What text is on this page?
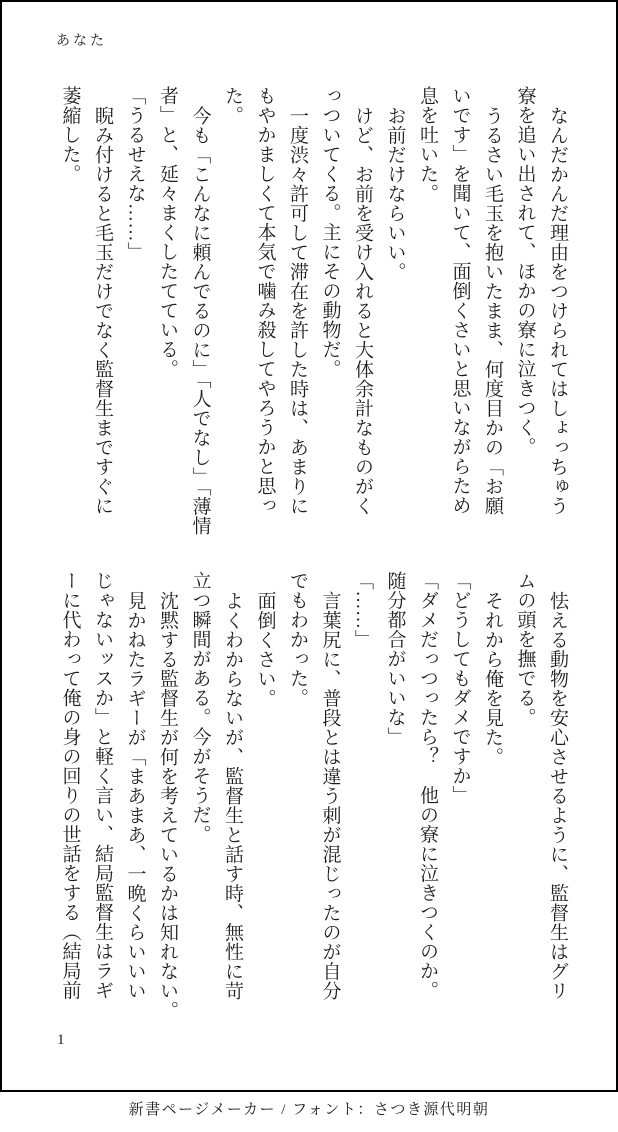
あなた
なんだかんだ理由をつけられてはしょっちゅう
寮を追い出されて、ほかの寮に泣きつく。
うるさい毛玉を抱いたまま、何度目かの「お願
いです」を聞いて、面倒くさいと思いながらため
息を吐いた。
お前だけならいい。
けど、お前を受け入れると大体余計なものがく
っついてくる。主にその動物だ。
一度渋々許可して滞在を許した時は、あまりに
もやかましくて本気で噛み殺してやろうかと思っ
た。
今も「こんなに頼んでるのに」「人でなし」「薄情
者」と、延々まくしたてている。
「うるせえな……」
睨み付けると毛玉だけでなく監督生まですぐに
萎縮した。
怯える動物を安心させるように、監督生はグリ
ムの頭を撫でる。
それから俺を見た。
「どうしてもダメですか」
「ダメだっつったら？　他の寮に泣きつくのか。
随分都合がいいな」
「……」
言葉尻に、普段とは違う刺が混じったのが自分
でもわかった。
面倒くさい。
よくわからないが、監督生と話す時、無性に苛
立つ瞬間がある。今がそうだ。
沈黙する監督生が何を考えているかは知れない。
見かねたラギーが「まあまあ、一晩くらいいい
じゃないッスか」と軽く言い、結局監督生はラギ
ーに代わって俺の身の回りの世話をする（結局前
1
新書ページメーカー / フォント：さつき源代明朝
